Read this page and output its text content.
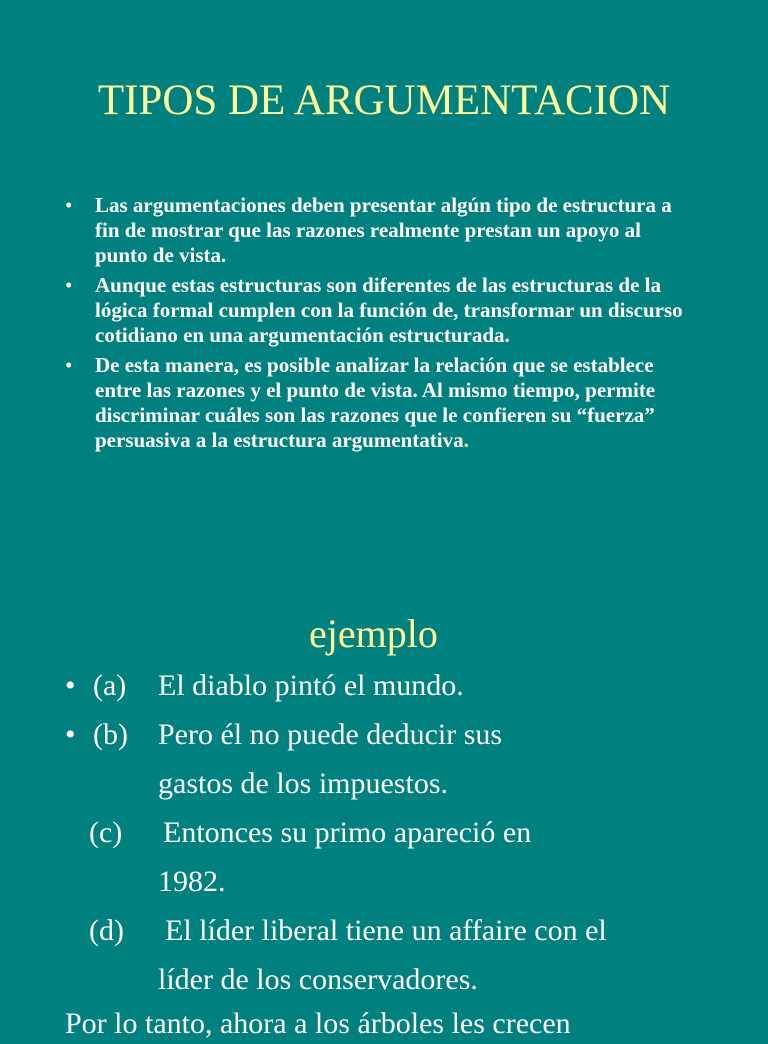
TIPOS DE ARGUMENTACION
• Las argumentaciones deben presentar algún tipo de estructura a fin de mostrar que las razones realmente prestan un apoyo al punto de vista.
• Aunque estas estructuras son diferentes de las estructuras de la lógica formal cumplen con la función de, transformar un discurso cotidiano en una argumentación estructurada.
• De esta manera, es posible analizar la relación que se establece entre las razones y el punto de vista. Al mismo tiempo, permite discriminar cuáles son las razones que le confieren su “fuerza” persuasiva a la estructura argumentativa.
ejemplo
• (a) El diablo pintó el mundo.
• (b) Pero él no puede deducir sus
gastos de los impuestos.
(c) Entonces su primo apareció en
1982.
(d) El líder liberal tiene un affaire con el
líder de los conservadores.
Por lo tanto, ahora a los árboles les crecen
